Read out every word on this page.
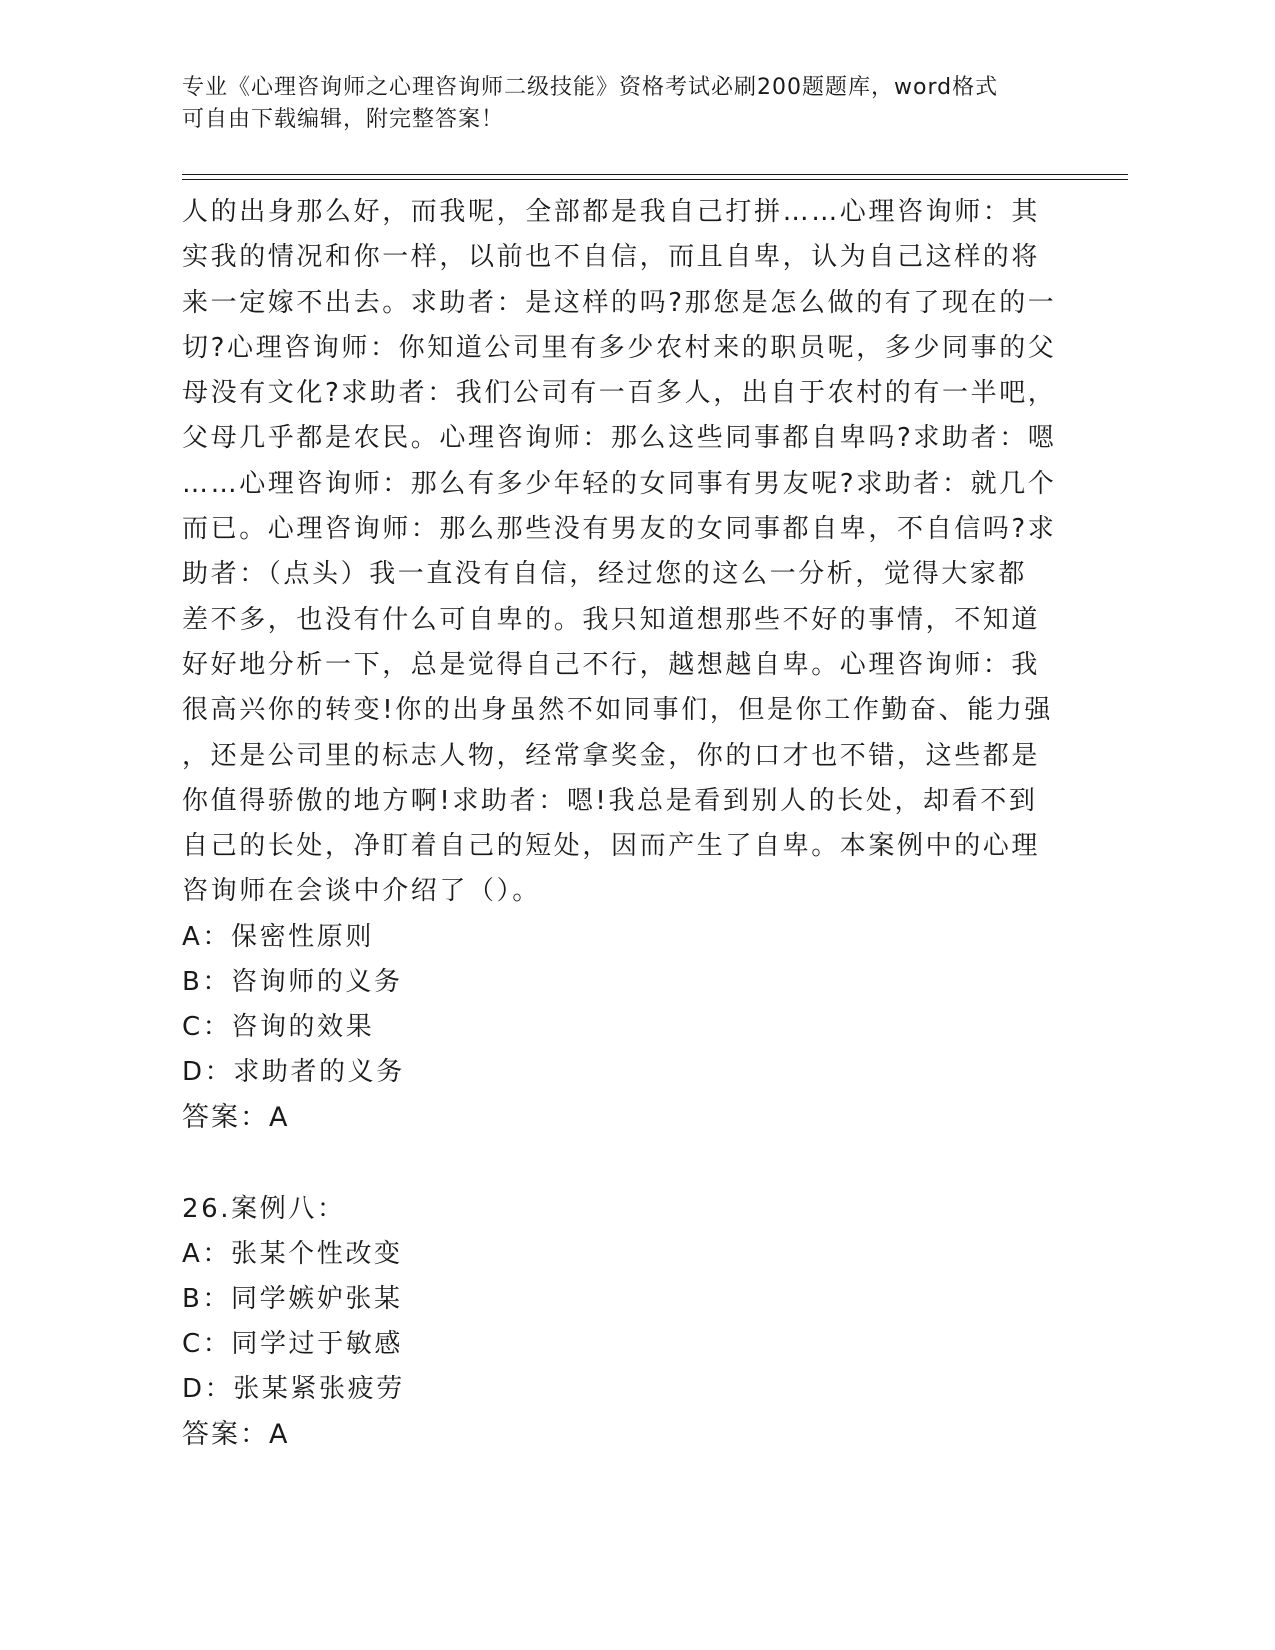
专业《心理咨询师之心理咨询师二级技能》资格考试必刷200题题库，word格式
可自由下载编辑，附完整答案！
人的出身那么好，而我呢，全部都是我自己打拼……心理咨询师：其
实我的情况和你一样，以前也不自信，而且自卑，认为自己这样的将
来一定嫁不出去。求助者：是这样的吗?那您是怎么做的有了现在的一
切?心理咨询师：你知道公司里有多少农村来的职员呢，多少同事的父
母没有文化?求助者：我们公司有一百多人，出自于农村的有一半吧，
父母几乎都是农民。心理咨询师：那么这些同事都自卑吗?求助者：嗯
……心理咨询师：那么有多少年轻的女同事有男友呢?求助者：就几个
而已。心理咨询师：那么那些没有男友的女同事都自卑，不自信吗?求
助者：（点头）我一直没有自信，经过您的这么一分析，觉得大家都
差不多，也没有什么可自卑的。我只知道想那些不好的事情，不知道
好好地分析一下，总是觉得自己不行，越想越自卑。心理咨询师：我
很高兴你的转变!你的出身虽然不如同事们，但是你工作勤奋、能力强
，还是公司里的标志人物，经常拿奖金，你的口才也不错，这些都是
你值得骄傲的地方啊!求助者：嗯!我总是看到别人的长处，却看不到
自己的长处，净盯着自己的短处，因而产生了自卑。本案例中的心理
咨询师在会谈中介绍了（）。
A：保密性原则
B：咨询师的义务
C：咨询的效果
D：求助者的义务
答案：A
26.案例八：
A：张某个性改变
B：同学嫉妒张某
C：同学过于敏感
D：张某紧张疲劳
答案：A
